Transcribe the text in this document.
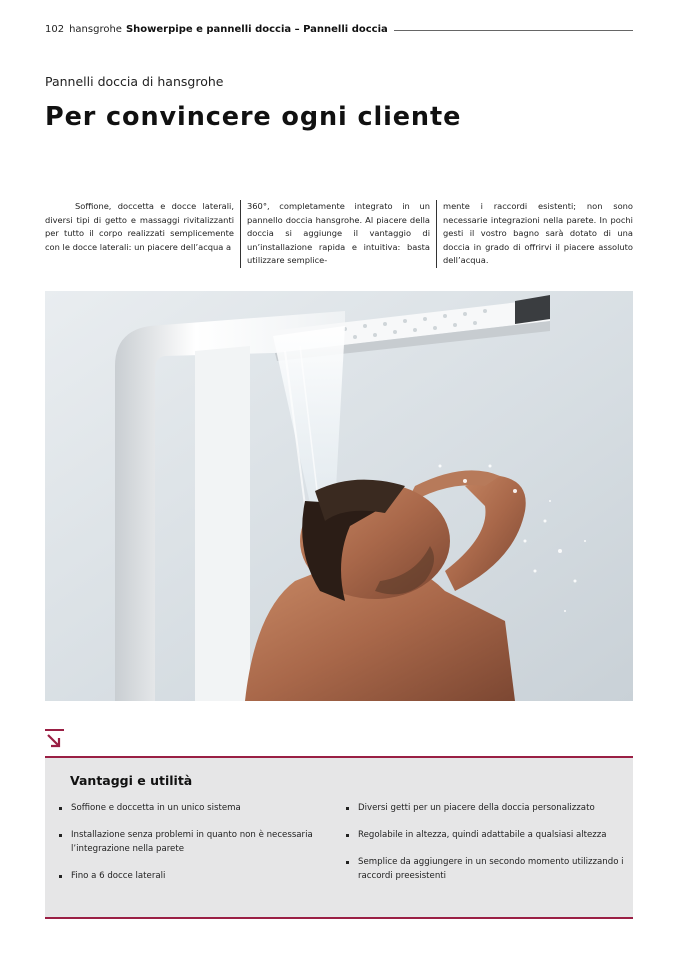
102 hansgrohe Showerpipe e pannelli doccia – Pannelli doccia
Pannelli doccia di hansgrohe
Per convincere ogni cliente

Soffione, doccetta e docce laterali, diversi tipi di getto e massaggi rivitalizzanti per tutto il corpo realizzati semplicemente con le docce laterali: un piacere dell’acqua a

360°, completamente integrato in un pannello doccia hansgrohe. Al piacere della doccia si aggiunge il vantaggio di un’installazione rapida e intuitiva: basta utilizzare semplice-

mente i raccordi esistenti; non sono necessarie integrazioni nella parete. In pochi gesti il vostro bagno sarà dotato di una doccia in grado di offrirvi il piacere assoluto dell’acqua.

Vantaggi e utilità
Soffione e doccetta in un unico sistema
Installazione senza problemi in quanto non è necessaria l’integrazione nella parete
Fino a 6 docce laterali
Diversi getti per un piacere della doccia personalizzato
Regolabile in altezza, quindi adattabile a qualsiasi altezza
Semplice da aggiungere in un secondo momento utilizzando i raccordi preesistenti
